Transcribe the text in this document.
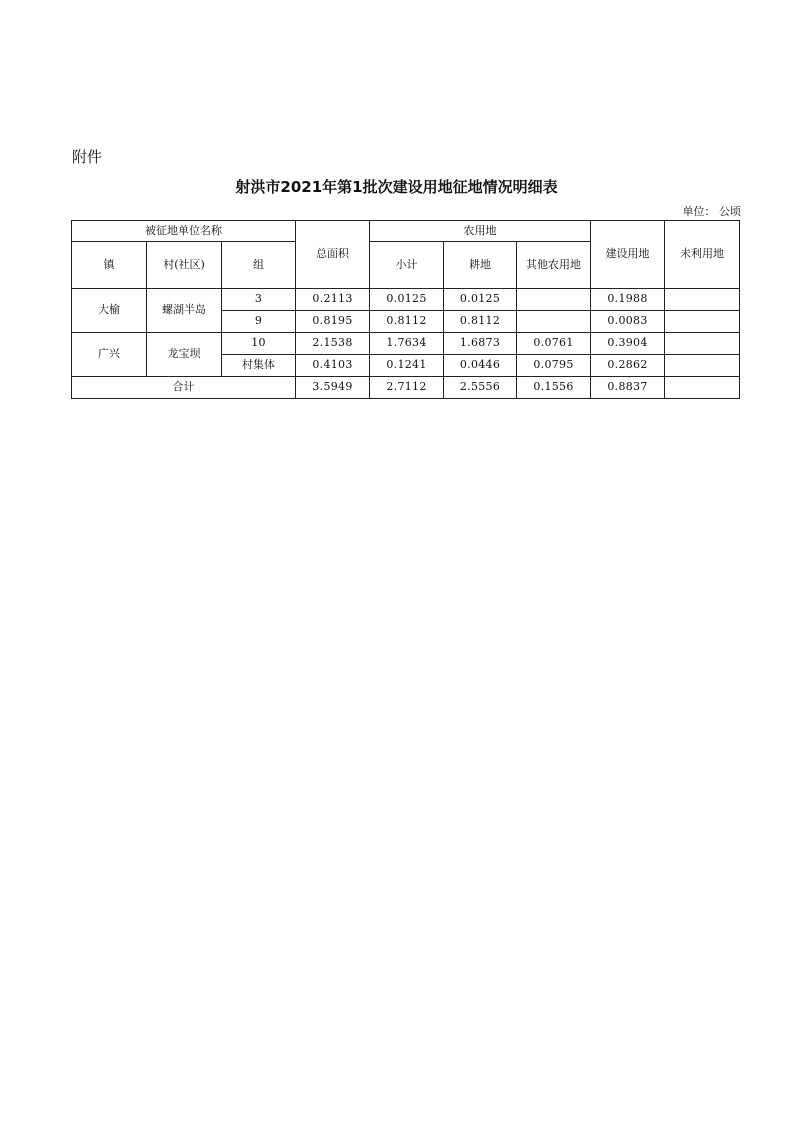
附件
射洪市2021年第1批次建设用地征地情况明细表
单位： 公顷
被征地单位名称			总面积	农用地			建设用地	未利用地
镇	村(社区)	组		小计	耕地	其他农用地		
大榆	螺湖半岛	3	0.2113	0.0125	0.0125		0.1988	
		9	0.8195	0.8112	0.8112		0.0083	
广兴	龙宝坝	10	2.1538	1.7634	1.6873	0.0761	0.3904	
		村集体	0.4103	0.1241	0.0446	0.0795	0.2862	
合计			3.5949	2.7112	2.5556	0.1556	0.8837	
